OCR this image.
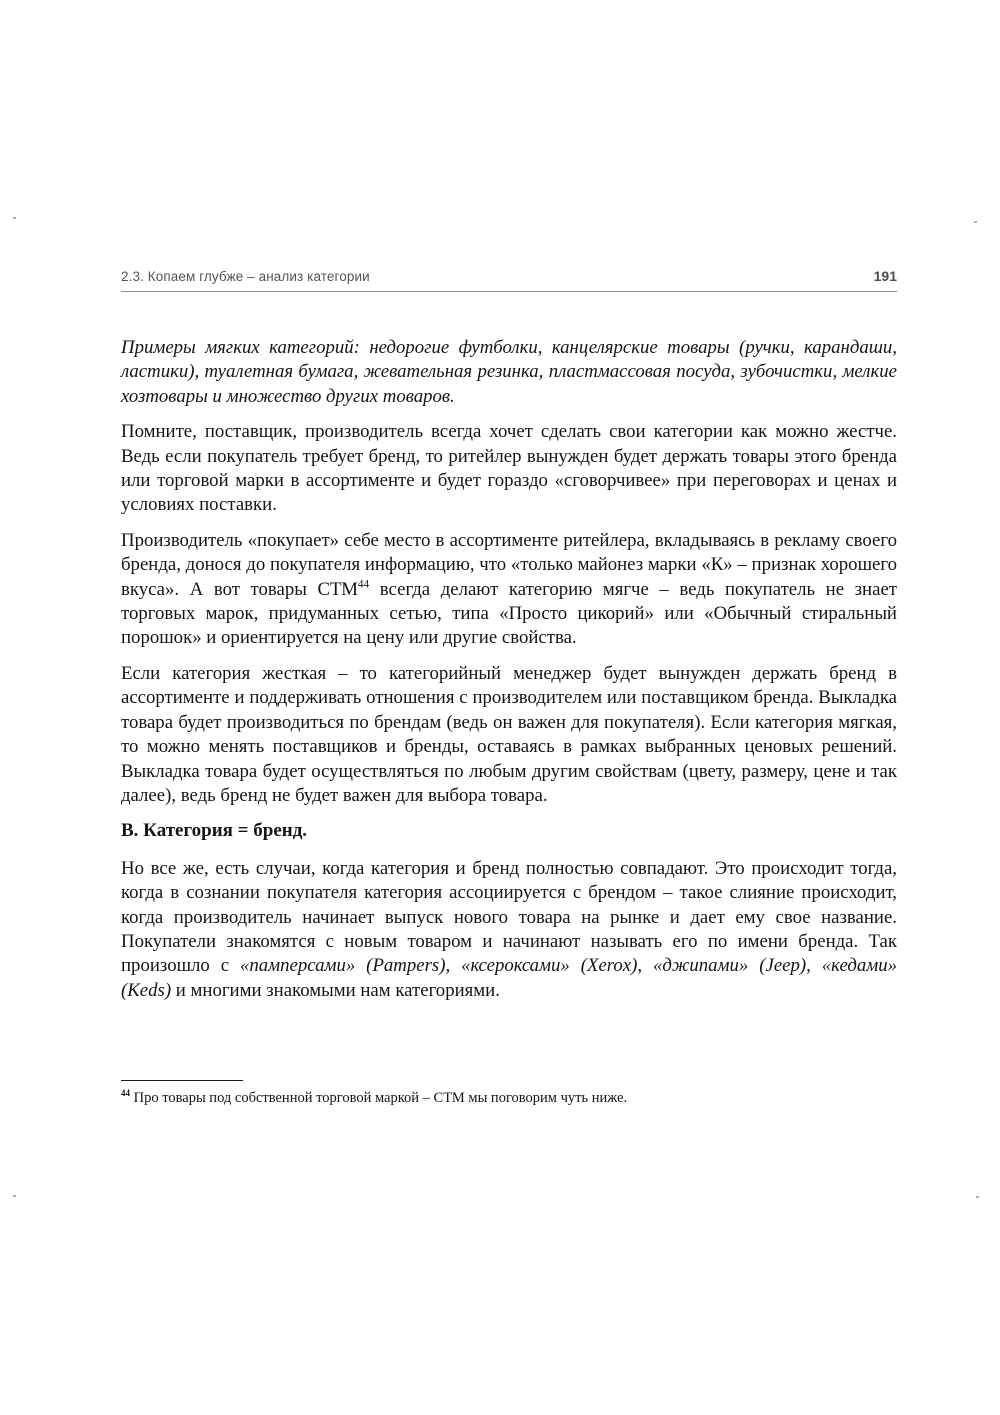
2.3. Копаем глубже – анализ категории	191

Примеры мягких категорий: недорогие футболки, канцелярские товары (ручки, карандаши, ластики), туалетная бумага, жевательная резинка, пластмассовая посуда, зубочистки, мелкие хозтовары и множество других товаров.

Помните, поставщик, производитель всегда хочет сделать свои категории как можно жестче. Ведь если покупатель требует бренд, то ритейлер вынужден будет держать товары этого бренда или торговой марки в ассортименте и будет гораздо «сговорчивее» при переговорах и ценах и условиях поставки.

Производитель «покупает» себе место в ассортименте ритейлера, вкладываясь в рекламу своего бренда, донося до покупателя информацию, что «только майонез марки «К» – признак хорошего вкуса». А вот товары СТМ$^{44}$ всегда делают категорию мягче – ведь покупатель не знает торговых марок, придуманных сетью, типа «Просто цикорий» или «Обычный стиральный порошок» и ориентируется на цену или другие свойства.

Если категория жесткая – то категорийный менеджер будет вынужден держать бренд в ассортименте и поддерживать отношения с производителем или поставщиком бренда. Выкладка товара будет производиться по брендам (ведь он важен для покупателя). Если категория мягкая, то можно менять поставщиков и бренды, оставаясь в рамках выбранных ценовых решений. Выкладка товара будет осуществляться по любым другим свойствам (цвету, размеру, цене и так далее), ведь бренд не будет важен для выбора товара.

В. Категория = бренд.

Но все же, есть случаи, когда категория и бренд полностью совпадают. Это происходит тогда, когда в сознании покупателя категория ассоциируется с брендом – такое слияние происходит, когда производитель начинает выпуск нового товара на рынке и дает ему свое название. Покупатели знакомятся с новым товаром и начинают называть его по имени бренда. Так произошло с «памперсами» (Pampers), «ксероксами» (Xerox), «джипами» (Jeep), «кедами» (Keds) и многими знакомыми нам категориями.

$^{44}$ Про товары под собственной торговой маркой – СТМ мы поговорим чуть ниже.
